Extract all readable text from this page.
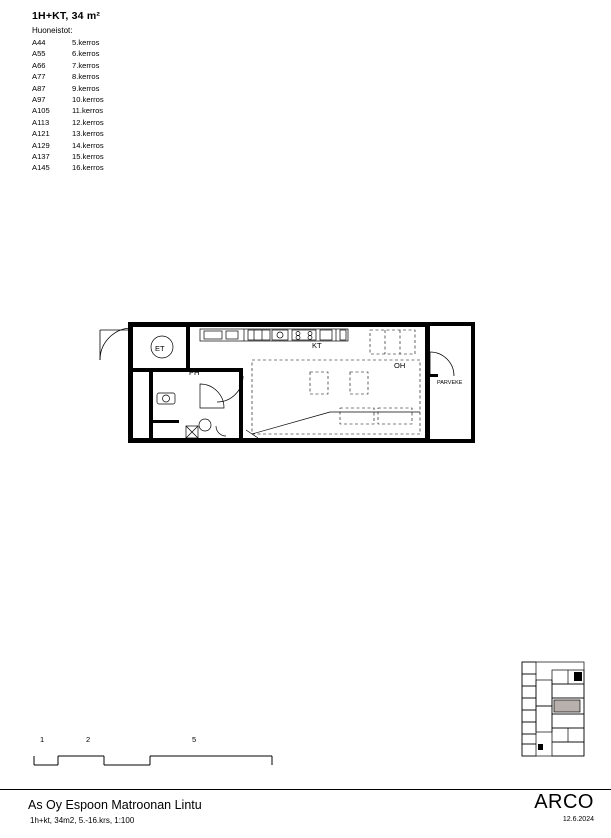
1H+KT, 34 m²
Huoneistot:
A44	5.kerros
A55	6.kerros
A66	7.kerros
A77	8.kerros
A87	9.kerros
A97	10.kerros
A105	11.kerros
A113	12.kerros
A121	13.kerros
A129	14.kerros
A137	15.kerros
A145	16.kerros
ET
PH
KT
OH
PARVEKE
1	2	5
As Oy Espoon Matroonan Lintu
1h+kt, 34m2, 5.-16.krs, 1:100
ARCO
12.6.2024
